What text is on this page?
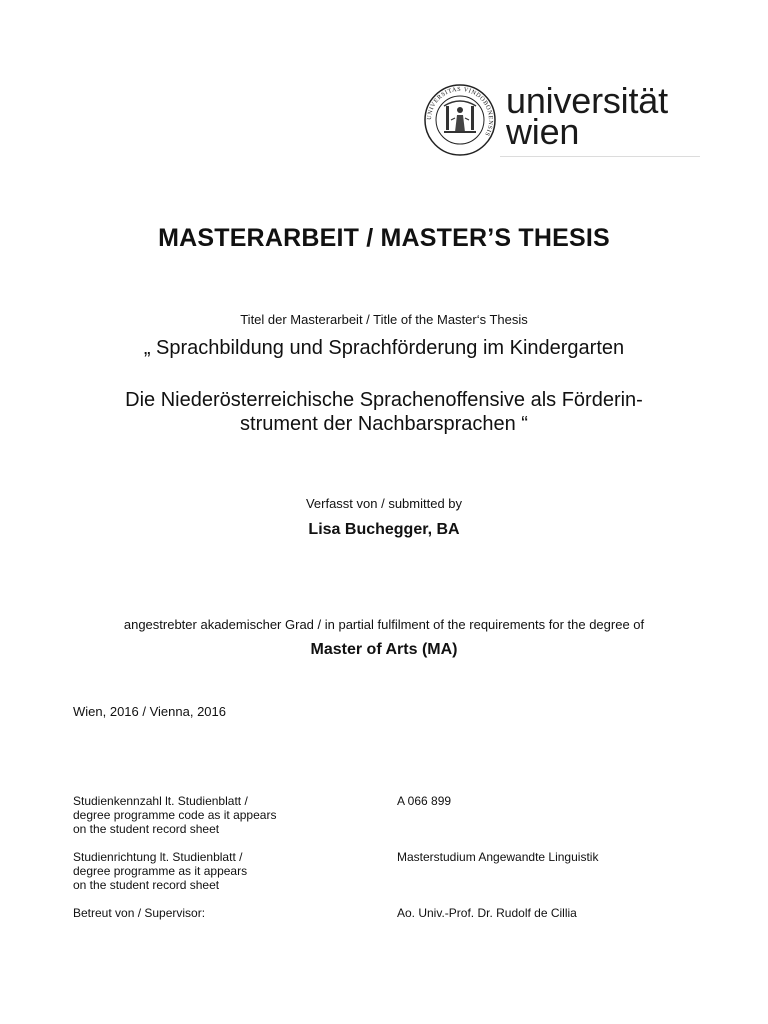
UNIVERSITAS VINDOBONENSIS
universität
wien
MASTERARBEIT / MASTER’S THESIS
Titel der Masterarbeit / Title of the Master‘s Thesis
„ Sprachbildung und Sprachförderung im Kindergarten
Die Niederösterreichische Sprachenoffensive als Förderin-
strument der Nachbarsprachen “
Verfasst von / submitted by
Lisa Buchegger, BA
angestrebter akademischer Grad / in partial fulfilment of the requirements for the degree of
Master of Arts (MA)
Wien, 2016 / Vienna, 2016
Studienkennzahl lt. Studienblatt /
degree programme code as it appears
on the student record sheet
A 066 899
Studienrichtung lt. Studienblatt /
degree programme as it appears
on the student record sheet
Masterstudium Angewandte Linguistik
Betreut von / Supervisor:	Ao. Univ.-Prof. Dr. Rudolf de Cillia
